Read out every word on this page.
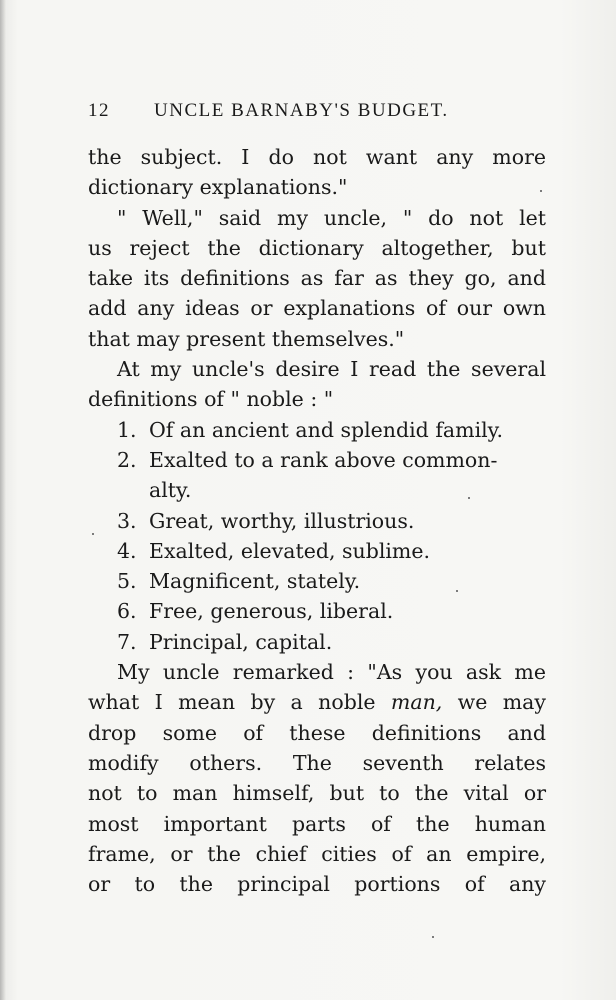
12 UNCLE BARNABY'S BUDGET.
the subject. I do not want any more
dictionary explanations."
" Well," said my uncle, " do not let
us reject the dictionary altogether, but
take its definitions as far as they go, and
add any ideas or explanations of our own
that may present themselves."
At my uncle's desire I read the several
definitions of " noble : "
1. Of an ancient and splendid family.
2. Exalted to a rank above common-
alty.
3. Great, worthy, illustrious.
4. Exalted, elevated, sublime.
5. Magnificent, stately.
6. Free, generous, liberal.
7. Principal, capital.
My uncle remarked : "As you ask me
what I mean by a noble man, we may
drop some of these definitions and
modify others. The seventh relates
not to man himself, but to the vital or
most important parts of the human
frame, or the chief cities of an empire,
or to the principal portions of any
